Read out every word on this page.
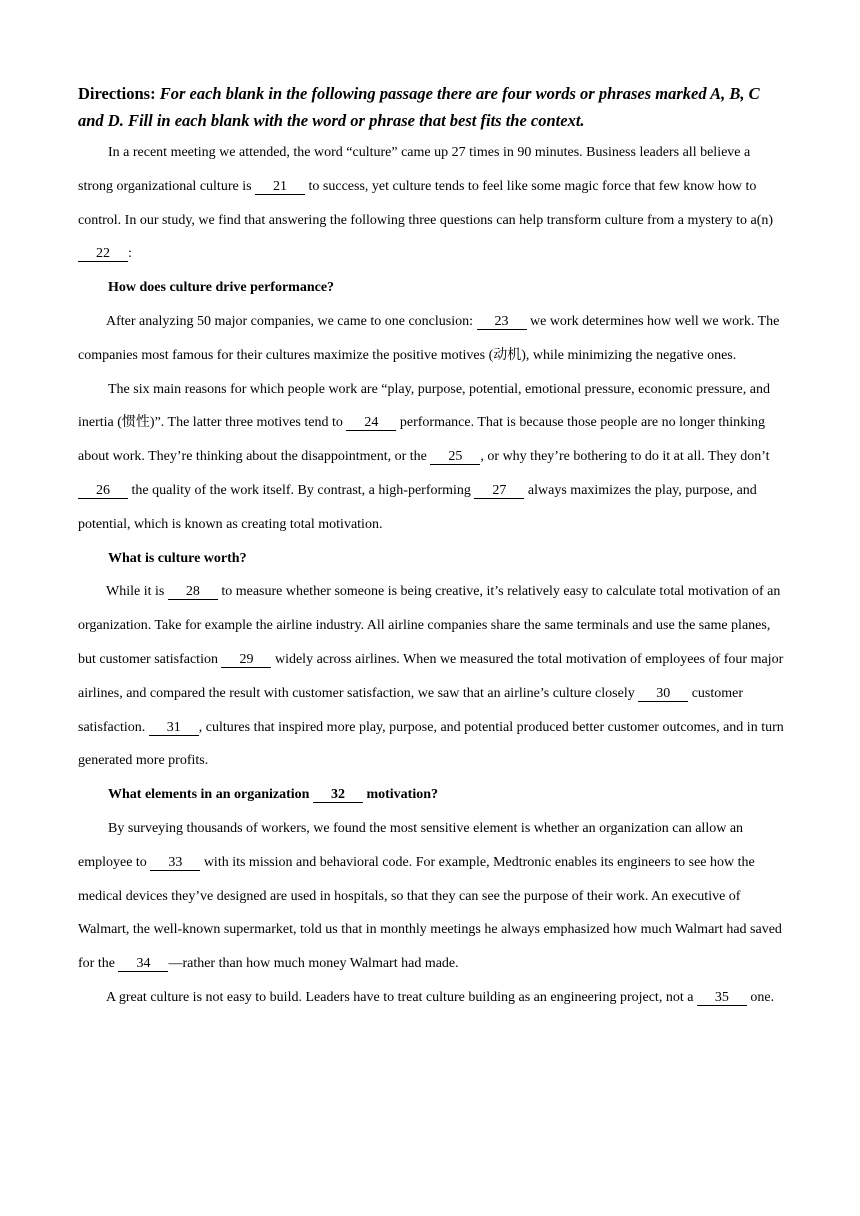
Directions: For each blank in the following passage there are four words or phrases marked A, B, C and D. Fill in each blank with the word or phrase that best fits the context.

In a recent meeting we attended, the word “culture” came up 27 times in 90 minutes. Business leaders all believe a strong organizational culture is 21 to success, yet culture tends to feel like some magic force that few know how to control. In our study, we find that answering the following three questions can help transform culture from a mystery to a(n) 22 :

How does culture drive performance?

After analyzing 50 major companies, we came to one conclusion: 23 we work determines how well we work. The companies most famous for their cultures maximize the positive motives (动机), while minimizing the negative ones.

The six main reasons for which people work are “play, purpose, potential, emotional pressure, economic pressure, and inertia (惯性)”. The latter three motives tend to 24 performance. That is because those people are no longer thinking about work. They’re thinking about the disappointment, or the 25 , or why they’re bothering to do it at all. They don’t 26 the quality of the work itself. By contrast, a high-performing 27 always maximizes the play, purpose, and potential, which is known as creating total motivation.

What is culture worth?

While it is 28 to measure whether someone is being creative, it’s relatively easy to calculate total motivation of an organization. Take for example the airline industry. All airline companies share the same terminals and use the same planes, but customer satisfaction 29 widely across airlines. When we measured the total motivation of employees of four major airlines, and compared the result with customer satisfaction, we saw that an airline’s culture closely 30 customer satisfaction. 31 , cultures that inspired more play, purpose, and potential produced better customer outcomes, and in turn generated more profits.

What elements in an organization 32 motivation?

By surveying thousands of workers, we found the most sensitive element is whether an organization can allow an employee to 33 with its mission and behavioral code. For example, Medtronic enables its engineers to see how the medical devices they’ve designed are used in hospitals, so that they can see the purpose of their work. An executive of Walmart, the well-known supermarket, told us that in monthly meetings he always emphasized how much Walmart had saved for the 34 —rather than how much money Walmart had made.

A great culture is not easy to build. Leaders have to treat culture building as an engineering project, not a 35 one.
